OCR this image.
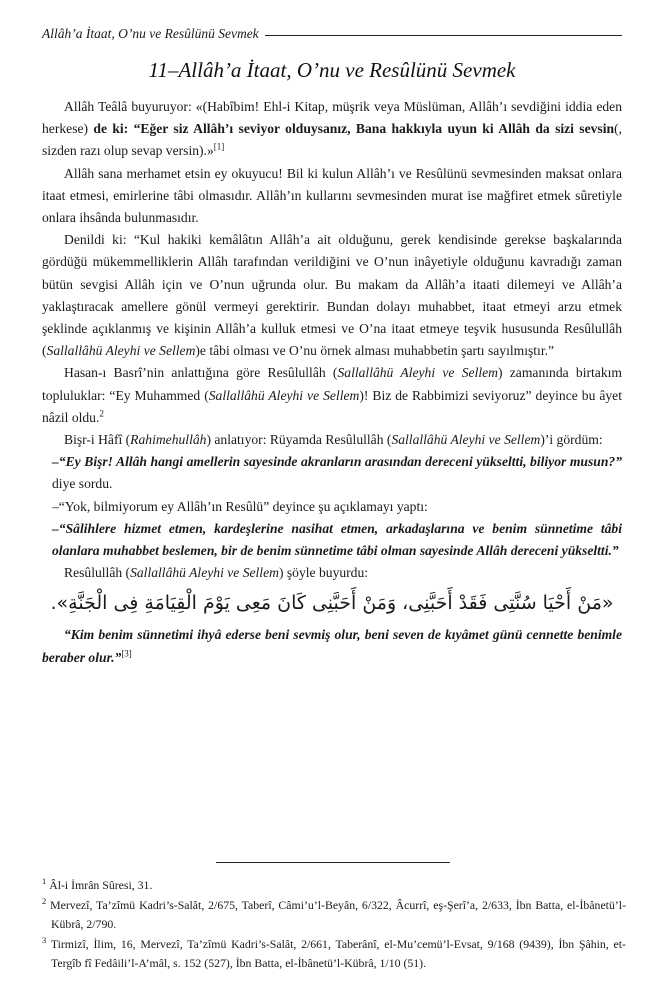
Allâh’a İtaat, O’nu ve Resûlünü Sevmek
11–Allâh’a İtaat, O’nu ve Resûlünü Sevmek

Allâh Teâlâ buyuruyor: «(Habîbim! Ehl-i Kitap, müşrik veya Müslüman, Allâh’ı sevdiğini iddia eden herkese) de ki: “Eğer siz Allâh’ı seviyor olduysanız, Bana hakkıyla uyun ki Allâh da sizi sevsin(, sizden razı olup sevap versin).»[1]

Allâh sana merhamet etsin ey okuyucu! Bil ki kulun Allâh’ı ve Resûlünü sevmesinden maksat onlara itaat etmesi, emirlerine tâbi olmasıdır. Allâh’ın kullarını sevmesinden murat ise mağfiret etmek sûretiyle onlara ihsânda bulunmasıdır.

Denildi ki: “Kul hakiki kemâlâtın Allâh’a ait olduğunu, gerek kendisinde gerekse başkalarında gördüğü mükemmelliklerin Allâh tarafından verildiğini ve O’nun inâyetiyle olduğunu kavradığı zaman bütün sevgisi Allâh için ve O’nun uğrunda olur. Bu makam da Allâh’a itaati dilemeyi ve Allâh’a yaklaştıracak amellere gönül vermeyi gerektirir. Bundan dolayı muhabbet, itaat etmeyi arzu etmek şeklinde açıklanmış ve kişinin Allâh’a kulluk etmesi ve O’na itaat etmeye teşvik hususunda Resûlullâh (Sallallâhü Aleyhi ve Sellem)e tâbi olması ve O’nu örnek alması muhabbetin şartı sayılmıştır.”

Hasan-ı Basrî’nin anlattığına göre Resûlullâh (Sallallâhü Aleyhi ve Sellem) zamanında birtakım topluluklar: “Ey Muhammed (Sallallâhü Aleyhi ve Sellem)! Biz de Rabbimizi seviyoruz” deyince bu âyet nâzil oldu.$^2$

Bişr-i Hâfî (Rahimehullâh) anlatıyor: Rüyamda Resûlullâh (Sallallâhü Aleyhi ve Sellem)’i gördüm:

–“Ey Bişr! Allâh hangi amellerin sayesinde akranların arasından dereceni yükseltti, biliyor musun?” diye sordu.

–“Yok, bilmiyorum ey Allâh’ın Resûlü” deyince şu açıklamayı yaptı:

–“Sâlihlere hizmet etmen, kardeşlerine nasihat etmen, arkadaşlarına ve benim sünnetime tâbi olanlara muhabbet beslemen, bir de benim sünnetime tâbi olman sayesinde Allâh dereceni yükseltti.”

Resûlullâh (Sallallâhü Aleyhi ve Sellem) şöyle buyurdu:

«مَنْ أَحْيَا سُنَّتِى فَقَدْ أَحَبَّنِى، وَمَنْ أَحَبَّنِى كَانَ مَعِى يَوْمَ الْقِيَامَةِ فِى الْجَنَّةِ».

“Kim benim sünnetimi ihyâ ederse beni sevmiş olur, beni seven de kıyâmet günü cennette benimle beraber olur.”[3]

$^1$ Âl-i İmrân Sûresi, 31.
$^2$ Mervezî, Ta’zîmü Kadri’s-Salât, 2/675, Taberî, Câmi’u’l-Beyân, 6/322, Âcurrî, eş-Şerî’a, 2/633, İbn Batta, el-İbânetü’l-Kübrâ, 2/790.
$^3$ Tirmizî, İlim, 16, Mervezî, Ta’zîmü Kadri’s-Salât, 2/661, Taberânî, el-Mu’cemü’l-Evsat, 9/168 (9439), İbn Şâhin, et-Tergîb fî Fedâili’l-A’mâl, s. 152 (527), İbn Batta, el-İbânetü’l-Kübrâ, 1/10 (51).
